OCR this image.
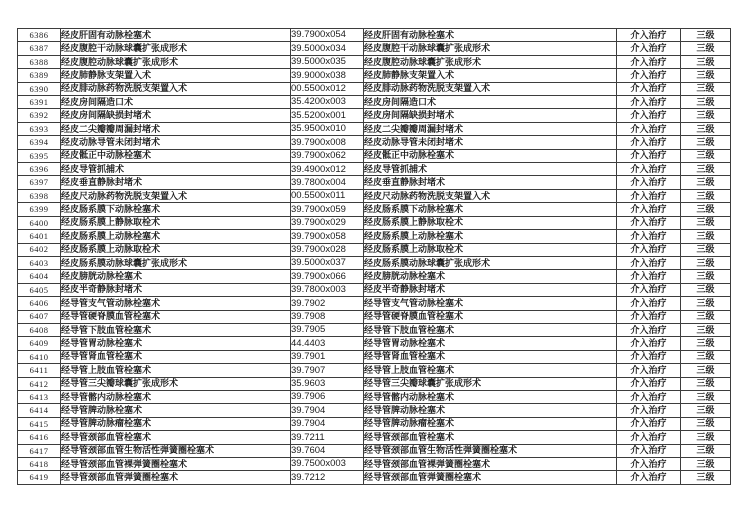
6386	经皮肝固有动脉栓塞术	39.7900x054	经皮肝固有动脉栓塞术	介入治疗	三级
6387	经皮腹腔干动脉球囊扩张成形术	39.5000x034	经皮腹腔干动脉球囊扩张成形术	介入治疗	三级
6388	经皮腹腔动脉球囊扩张成形术	39.5000x035	经皮腹腔动脉球囊扩张成形术	介入治疗	三级
6389	经皮肺静脉支架置入术	39.9000x038	经皮肺静脉支架置入术	介入治疗	三级
6390	经皮腓动脉药物洗脱支架置入术	00.5500x012	经皮腓动脉药物洗脱支架置入术	介入治疗	三级
6391	经皮房间隔造口术	35.4200x003	经皮房间隔造口术	介入治疗	三级
6392	经皮房间隔缺损封堵术	35.5200x001	经皮房间隔缺损封堵术	介入治疗	三级
6393	经皮二尖瓣瓣周漏封堵术	35.9500x010	经皮二尖瓣瓣周漏封堵术	介入治疗	三级
6394	经皮动脉导管未闭封堵术	39.7900x008	经皮动脉导管未闭封堵术	介入治疗	三级
6395	经皮骶正中动脉栓塞术	39.7900x062	经皮骶正中动脉栓塞术	介入治疗	三级
6396	经皮导管抓捕术	39.4900x012	经皮导管抓捕术	介入治疗	三级
6397	经皮垂直静脉封堵术	39.7800x004	经皮垂直静脉封堵术	介入治疗	三级
6398	经皮尺动脉药物洗脱支架置入术	00.5500x011	经皮尺动脉药物洗脱支架置入术	介入治疗	三级
6399	经皮肠系膜下动脉栓塞术	39.7900x059	经皮肠系膜下动脉栓塞术	介入治疗	三级
6400	经皮肠系膜上静脉取栓术	39.7900x029	经皮肠系膜上静脉取栓术	介入治疗	三级
6401	经皮肠系膜上动脉栓塞术	39.7900x058	经皮肠系膜上动脉栓塞术	介入治疗	三级
6402	经皮肠系膜上动脉取栓术	39.7900x028	经皮肠系膜上动脉取栓术	介入治疗	三级
6403	经皮肠系膜动脉球囊扩张成形术	39.5000x037	经皮肠系膜动脉球囊扩张成形术	介入治疗	三级
6404	经皮膀胱动脉栓塞术	39.7900x066	经皮膀胱动脉栓塞术	介入治疗	三级
6405	经皮半奇静脉封堵术	39.7800x003	经皮半奇静脉封堵术	介入治疗	三级
6406	经导管支气管动脉栓塞术	39.7902	经导管支气管动脉栓塞术	介入治疗	三级
6407	经导管硬脊膜血管栓塞术	39.7908	经导管硬脊膜血管栓塞术	介入治疗	三级
6408	经导管下肢血管栓塞术	39.7905	经导管下肢血管栓塞术	介入治疗	三级
6409	经导管胃动脉栓塞术	44.4403	经导管胃动脉栓塞术	介入治疗	三级
6410	经导管肾血管栓塞术	39.7901	经导管肾血管栓塞术	介入治疗	三级
6411	经导管上肢血管栓塞术	39.7907	经导管上肢血管栓塞术	介入治疗	三级
6412	经导管三尖瓣球囊扩张成形术	35.9603	经导管三尖瓣球囊扩张成形术	介入治疗	三级
6413	经导管髂内动脉栓塞术	39.7906	经导管髂内动脉栓塞术	介入治疗	三级
6414	经导管脾动脉栓塞术	39.7904	经导管脾动脉栓塞术	介入治疗	三级
6415	经导管脾动脉瘤栓塞术	39.7904	经导管脾动脉瘤栓塞术	介入治疗	三级
6416	经导管颈部血管栓塞术	39.7211	经导管颈部血管栓塞术	介入治疗	三级
6417	经导管颈部血管生物活性弹簧圈栓塞术	39.7604	经导管颈部血管生物活性弹簧圈栓塞术	介入治疗	三级
6418	经导管颈部血管裸弹簧圈栓塞术	39.7500x003	经导管颈部血管裸弹簧圈栓塞术	介入治疗	三级
6419	经导管颈部血管弹簧圈栓塞术	39.7212	经导管颈部血管弹簧圈栓塞术	介入治疗	三级
